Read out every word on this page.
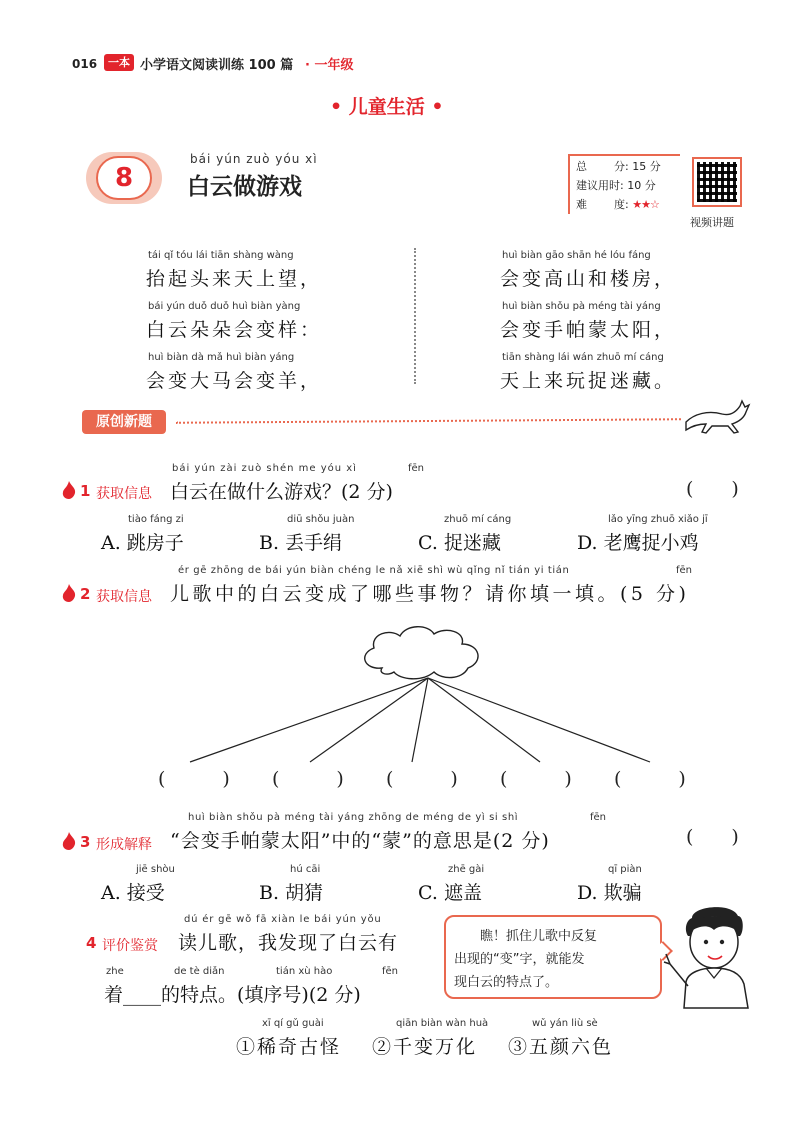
016 一本 小学语文阅读训练 100 篇 · 一年级
• 儿童生活 •
8
bái yún zuò yóu xì
白云做游戏
总 分: 15 分
建议用时: 10 分
难 度: ★★☆
视频讲题
tái qǐ tóu lái tiān shàng wàng
抬起头来天上望，
bái yún duǒ duǒ huì biàn yàng
白云朵朵会变样：
huì biàn dà mǎ huì biàn yáng
会变大马会变羊，
huì biàn gāo shān hé lóu fáng
会变高山和楼房，
huì biàn shǒu pà méng tài yáng
会变手帕蒙太阳，
tiān shàng lái wán zhuō mí cáng
天上来玩捉迷藏。
原创新题
1 获取信息
bái yún zài zuò shén me yóu xì	fēn
白云在做什么游戏？(2 分)	(　　)
tiào fáng zi
A. 跳房子
diū shǒu juàn
B. 丢手绢
zhuō mí cáng
C. 捉迷藏
lǎo yīng zhuō xiǎo jī
D. 老鹰捉小鸡
2 获取信息
ér gē zhōng de bái yún biàn chéng le nǎ xiē shì wù qǐng nǐ tián yi tián	fēn
儿歌中的白云变成了哪些事物？请你填一填。(5 分)
(　　　) (　　　) (　　　) (　　　) (　　　)
3 形成解释
huì biàn shǒu pà méng tài yáng zhōng de méng de yì si shì	fēn
“会变手帕蒙太阳”中的“蒙”的意思是(2 分)	(　　)
jiē shòu
A. 接受
hú cāi
B. 胡猜
zhē gài
C. 遮盖
qī piàn
D. 欺骗
4 评价鉴赏
dú ér gē wǒ fā xiàn le bái yún yǒu
读儿歌，我发现了白云有
zhe	de tè diǎn	tián xù hào	fēn
着____的特点。(填序号)(2 分)
xī qí gǔ guài
①稀奇古怪
qiān biàn wàn huà
②千变万化
wǔ yán liù sè
③五颜六色
瞧！抓住儿歌中反复
出现的“变”字，就能发
现白云的特点了。
